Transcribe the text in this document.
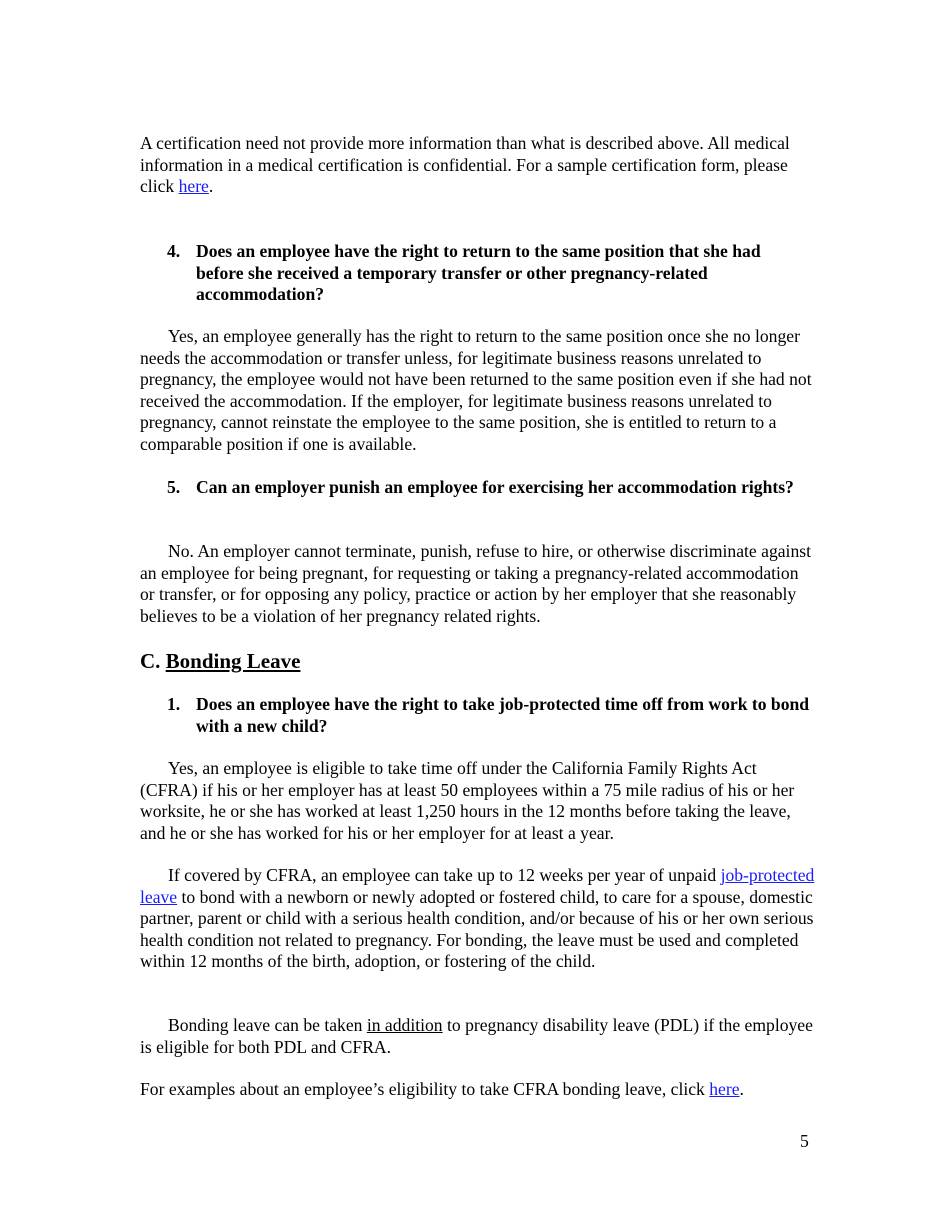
A certification need not provide more information than what is described above. All medical information in a medical certification is confidential. For a sample certification form, please click here.

4. Does an employee have the right to return to the same position that she had before she received a temporary transfer or other pregnancy-related accommodation?

Yes, an employee generally has the right to return to the same position once she no longer needs the accommodation or transfer unless, for legitimate business reasons unrelated to pregnancy, the employee would not have been returned to the same position even if she had not received the accommodation. If the employer, for legitimate business reasons unrelated to pregnancy, cannot reinstate the employee to the same position, she is entitled to return to a comparable position if one is available.

5. Can an employer punish an employee for exercising her accommodation rights?

No. An employer cannot terminate, punish, refuse to hire, or otherwise discriminate against an employee for being pregnant, for requesting or taking a pregnancy-related accommodation or transfer, or for opposing any policy, practice or action by her employer that she reasonably believes to be a violation of her pregnancy related rights.

C. Bonding Leave
1. Does an employee have the right to take job-protected time off from work to bond with a new child?

Yes, an employee is eligible to take time off under the California Family Rights Act (CFRA) if his or her employer has at least 50 employees within a 75 mile radius of his or her worksite, he or she has worked at least 1,250 hours in the 12 months before taking the leave, and he or she has worked for his or her employer for at least a year.

If covered by CFRA, an employee can take up to 12 weeks per year of unpaid job-protected leave to bond with a newborn or newly adopted or fostered child, to care for a spouse, domestic partner, parent or child with a serious health condition, and/or because of his or her own serious health condition not related to pregnancy. For bonding, the leave must be used and completed within 12 months of the birth, adoption, or fostering of the child.

Bonding leave can be taken in addition to pregnancy disability leave (PDL) if the employee is eligible for both PDL and CFRA.

For examples about an employee’s eligibility to take CFRA bonding leave, click here.

5
